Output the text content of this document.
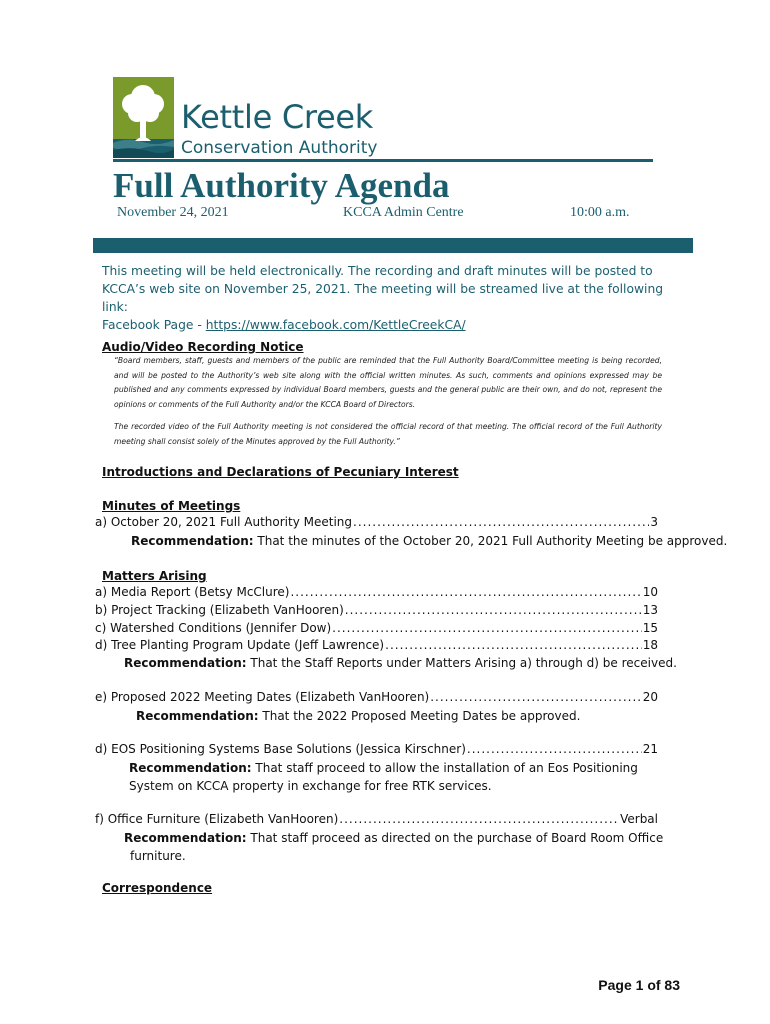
Kettle Creek
Conservation Authority
Full Authority Agenda
November 24, 2021	KCCA Admin Centre	10:00 a.m.
This meeting will be held electronically. The recording and draft minutes will be posted to KCCA’s web site on November 25, 2021. The meeting will be streamed live at the following link:
Facebook Page - https://www.facebook.com/KettleCreekCA/
Audio/Video Recording Notice
“Board members, staff, guests and members of the public are reminded that the Full Authority Board/Committee meeting is being recorded, and will be posted to the Authority’s web site along with the official written minutes. As such, comments and opinions expressed may be published and any comments expressed by individual Board members, guests and the general public are their own, and do not, represent the opinions or comments of the Full Authority and/or the KCCA Board of Directors.
The recorded video of the Full Authority meeting is not considered the official record of that meeting. The official record of the Full Authority meeting shall consist solely of the Minutes approved by the Full Authority.”
Introductions and Declarations of Pecuniary Interest
Minutes of Meetings
a) October 20, 2021 Full Authority Meeting .....	3
Recommendation: That the minutes of the October 20, 2021 Full Authority Meeting be approved.
Matters Arising
a) Media Report (Betsy McClure) .....	10
b) Project Tracking (Elizabeth VanHooren) .....	13
c) Watershed Conditions (Jennifer Dow) .....	15
d) Tree Planting Program Update (Jeff Lawrence) .....	18
Recommendation: That the Staff Reports under Matters Arising a) through d) be received.
e) Proposed 2022 Meeting Dates (Elizabeth VanHooren) .....	20
Recommendation: That the 2022 Proposed Meeting Dates be approved.
d) EOS Positioning Systems Base Solutions (Jessica Kirschner) .....	21
Recommendation: That staff proceed to allow the installation of an Eos Positioning
System on KCCA property in exchange for free RTK services.
f) Office Furniture (Elizabeth VanHooren) .....	Verbal
Recommendation: That staff proceed as directed on the purchase of Board Room Office
furniture.
Correspondence
Page 1 of 83
